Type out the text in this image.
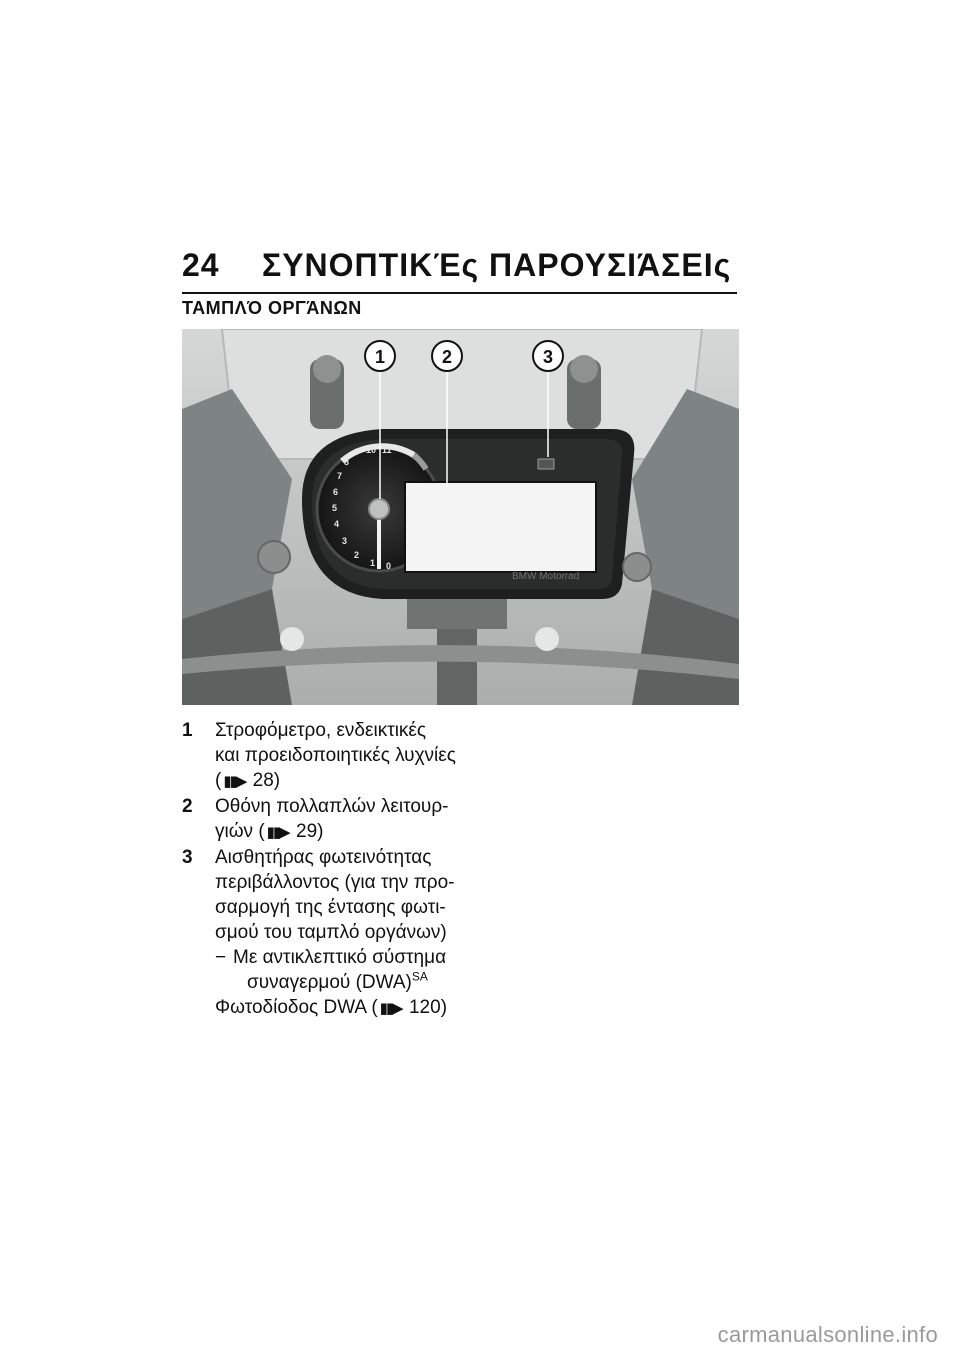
24 ΣΥΝΟΠΤΙΚΈς ΠΑΡΟΥΣΙΆΣΕΙς
ΤΑΜΠΛΌ ΟΡΓΆΝΩΝ
0
1
2
3
4
5
6
7
8
9 10 11
BMW Motorrad
1	2	3
1 Στροφόμετρο, ενδεικτικές
και προειδοποιητικές λυχνίες
( ▮▮▶ 28)
2 Οθόνη πολλαπλών λειτουρ-
γιών ( ▮▮▶ 29)
3 Αισθητήρας φωτεινότητας
περιβάλλοντος (για την προ-
σαρμογή της έντασης φωτι-
σμού του ταμπλό οργάνων)
− Με αντικλεπτικό σύστημα
συναγερμού (DWA)$^{SA}$
Φωτοδίοδος DWA ( ▮▮▶ 120)
carmanualsonline.info
